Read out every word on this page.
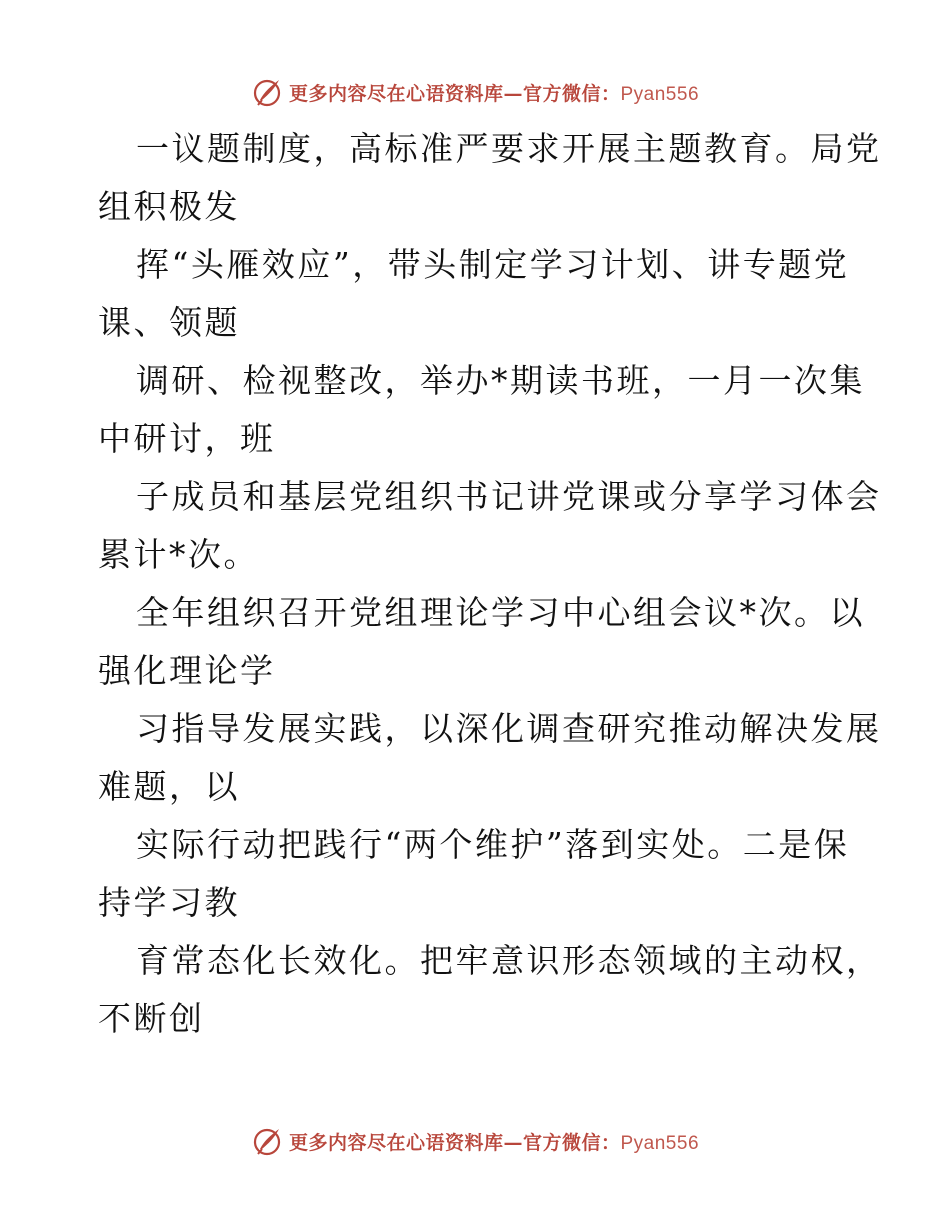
更多内容尽在心语资料库—官方微信：Pyan556
一议题制度，高标准严要求开展主题教育。局党
组积极发
挥“头雁效应”，带头制定学习计划、讲专题党
课、领题
调研、检视整改，举办*期读书班，一月一次集
中研讨，班
子成员和基层党组织书记讲党课或分享学习体会
累计*次。
全年组织召开党组理论学习中心组会议*次。以
强化理论学
习指导发展实践，以深化调查研究推动解决发展
难题，以
实际行动把践行“两个维护”落到实处。二是保
持学习教
育常态化长效化。把牢意识形态领域的主动权，
不断创
更多内容尽在心语资料库—官方微信：Pyan556
